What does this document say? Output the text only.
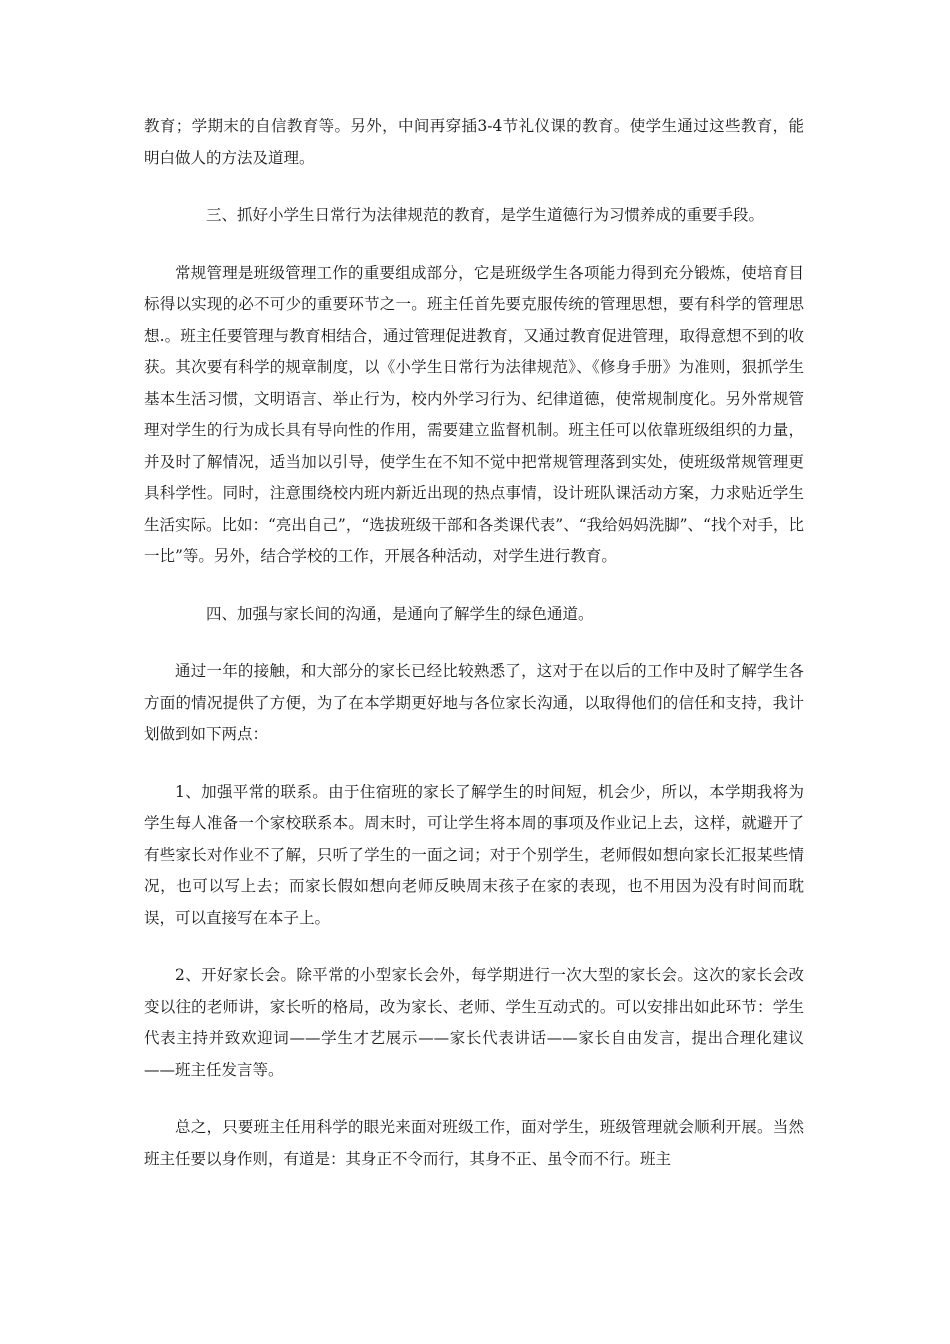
教育；学期末的自信教育等。另外，中间再穿插3-4节礼仪课的教育。使学生通过这些教育，能明白做人的方法及道理。

三、抓好小学生日常行为法律规范的教育，是学生道德行为习惯养成的重要手段。

常规管理是班级管理工作的重要组成部分，它是班级学生各项能力得到充分锻炼，使培育目标得以实现的必不可少的重要环节之一。班主任首先要克服传统的管理思想，要有科学的管理思想.。班主任要管理与教育相结合，通过管理促进教育，又通过教育促进管理，取得意想不到的收获。其次要有科学的规章制度，以《小学生日常行为法律规范》、《修身手册》为准则，狠抓学生基本生活习惯，文明语言、举止行为，校内外学习行为、纪律道德，使常规制度化。另外常规管理对学生的行为成长具有导向性的作用，需要建立监督机制。班主任可以依靠班级组织的力量，并及时了解情况，适当加以引导，使学生在不知不觉中把常规管理落到实处，使班级常规管理更具科学性。同时，注意围绕校内班内新近出现的热点事情，设计班队课活动方案，力求贴近学生生活实际。比如：“亮出自己”，“选拔班级干部和各类课代表”、“我给妈妈洗脚”、“找个对手，比一比”等。另外，结合学校的工作，开展各种活动，对学生进行教育。

四、加强与家长间的沟通，是通向了解学生的绿色通道。

通过一年的接触，和大部分的家长已经比较熟悉了，这对于在以后的工作中及时了解学生各方面的情况提供了方便，为了在本学期更好地与各位家长沟通，以取得他们的信任和支持，我计划做到如下两点：

1、加强平常的联系。由于住宿班的家长了解学生的时间短，机会少，所以，本学期我将为学生每人准备一个家校联系本。周末时，可让学生将本周的事项及作业记上去，这样，就避开了有些家长对作业不了解，只听了学生的一面之词；对于个别学生，老师假如想向家长汇报某些情况，也可以写上去；而家长假如想向老师反映周末孩子在家的表现，也不用因为没有时间而耽误，可以直接写在本子上。

2、开好家长会。除平常的小型家长会外，每学期进行一次大型的家长会。这次的家长会改变以往的老师讲，家长听的格局，改为家长、老师、学生互动式的。可以安排出如此环节：学生代表主持并致欢迎词——学生才艺展示——家长代表讲话——家长自由发言，提出合理化建议——班主任发言等。

总之，只要班主任用科学的眼光来面对班级工作，面对学生，班级管理就会顺利开展。当然班主任要以身作则，有道是：其身正不令而行，其身不正、虽令而不行。班主
